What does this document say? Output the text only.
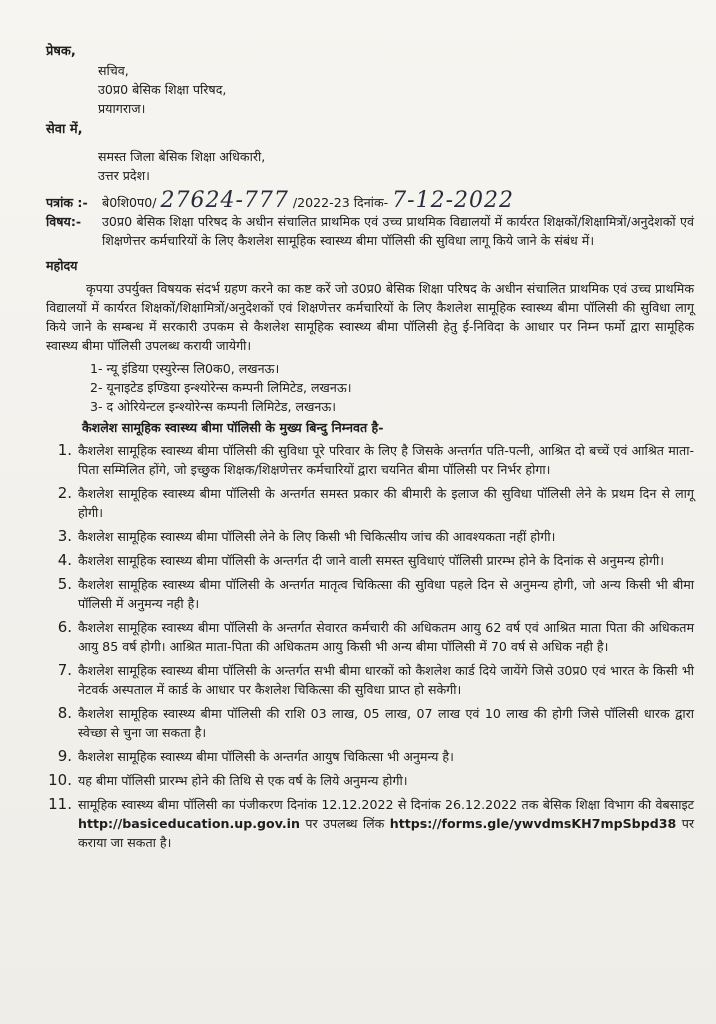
प्रेषक,
सचिव,
उ0प्र0 बेसिक शिक्षा परिषद,
प्रयागराज।
सेवा में,
समस्त जिला बेसिक शिक्षा अधिकारी,
उत्तर प्रदेश।
पत्रांक :-	बे0शि0प0/ 27624-777 /2022-23 दिनांक- 7-12-2022
विषय:-	उ0प्र0 बेसिक शिक्षा परिषद के अधीन संचालित प्राथमिक एवं उच्च प्राथमिक विद्यालयों में कार्यरत शिक्षकों/शिक्षामित्रों/अनुदेशकों एवं शिक्षणेत्तर कर्मचारियों के लिए कैशलेश सामूहिक स्वास्थ्य बीमा पॉलिसी की सुविधा लागू किये जाने के संबंध में।
महोदय
कृपया उपर्युक्त विषयक संदर्भ ग्रहण करने का कष्ट करें जो उ0प्र0 बेसिक शिक्षा परिषद के अधीन संचालित प्राथमिक एवं उच्च प्राथमिक विद्यालयों में कार्यरत शिक्षकों/शिक्षामित्रों/अनुदेशकों एवं शिक्षणेत्तर कर्मचारियों के लिए कैशलेश सामूहिक स्वास्थ्य बीमा पॉलिसी की सुविधा लागू किये जाने के सम्बन्ध में सरकारी उपकम से कैशलेश सामूहिक स्वास्थ्य बीमा पॉलिसी हेतु ई-निविदा के आधार पर निम्न फर्मो द्वारा सामूहिक स्वास्थ्य बीमा पॉलिसी उपलब्ध करायी जायेगी।
1- न्यू इंडिया एस्युरेन्स लि0क0, लखनऊ।
2- यूनाइटेड इण्डिया इन्श्योरेन्स कम्पनी लिमिटेड, लखनऊ।
3- द ओरियेन्टल इन्श्योरेन्स कम्पनी लिमिटेड, लखनऊ।
कैशलेश सामूहिक स्वास्थ्य बीमा पॉलिसी के मुख्य बिन्दु निम्नवत है-
1. कैशलेश सामूहिक स्वास्थ्य बीमा पॉलिसी की सुविधा पूरे परिवार के लिए है जिसके अन्तर्गत पति-पत्नी, आश्रित दो बच्चें एवं आश्रित माता-पिता सम्मिलित होंगे, जो इच्छुक शिक्षक/शिक्षणेत्तर कर्मचारियों द्वारा चयनित बीमा पॉलिसी पर निर्भर होगा।
2. कैशलेश सामूहिक स्वास्थ्य बीमा पॉलिसी के अन्तर्गत समस्त प्रकार की बीमारी के इलाज की सुविधा पॉलिसी लेने के प्रथम दिन से लागू होगी।
3. कैशलेश सामूहिक स्वास्थ्य बीमा पॉलिसी लेने के लिए किसी भी चिकित्सीय जांच की आवश्यकता नहीं होगी।
4. कैशलेश सामूहिक स्वास्थ्य बीमा पॉलिसी के अन्तर्गत दी जाने वाली समस्त सुविधाएं पॉलिसी प्रारम्भ होने के दिनांक से अनुमन्य होगी।
5. कैशलेश सामूहिक स्वास्थ्य बीमा पॉलिसी के अन्तर्गत मातृत्व चिकित्सा की सुविधा पहले दिन से अनुमन्य होगी, जो अन्य किसी भी बीमा पॉलिसी में अनुमन्य नही है।
6. कैशलेश सामूहिक स्वास्थ्य बीमा पॉलिसी के अन्तर्गत सेवारत कर्मचारी की अधिकतम आयु 62 वर्ष एवं आश्रित माता पिता की अधिकतम आयु 85 वर्ष होगी। आश्रित माता-पिता की अधिकतम आयु किसी भी अन्य बीमा पॉलिसी में 70 वर्ष से अधिक नही है।
7. कैशलेश सामूहिक स्वास्थ्य बीमा पॉलिसी के अन्तर्गत सभी बीमा धारकों को कैशलेश कार्ड दिये जायेंगे जिसे उ0प्र0 एवं भारत के किसी भी नेटवर्क अस्पताल में कार्ड के आधार पर कैशलेश चिकित्सा की सुविधा प्राप्त हो सकेगी।
8. कैशलेश सामूहिक स्वास्थ्य बीमा पॉलिसी की राशि 03 लाख, 05 लाख, 07 लाख एवं 10 लाख की होगी जिसे पॉलिसी धारक द्वारा स्वेच्छा से चुना जा सकता है।
9. कैशलेश सामूहिक स्वास्थ्य बीमा पॉलिसी के अन्तर्गत आयुष चिकित्सा भी अनुमन्य है।
10. यह बीमा पॉलिसी प्रारम्भ होने की तिथि से एक वर्ष के लिये अनुमन्य होगी।
11. सामूहिक स्वास्थ्य बीमा पॉलिसी का पंजीकरण दिनांक 12.12.2022 से दिनांक 26.12.2022 तक बेसिक शिक्षा विभाग की वेबसाइट http://basiceducation.up.gov.in पर उपलब्ध लिंक https://forms.gle/ywvdmsKH7mpSbpd38 पर कराया जा सकता है।
